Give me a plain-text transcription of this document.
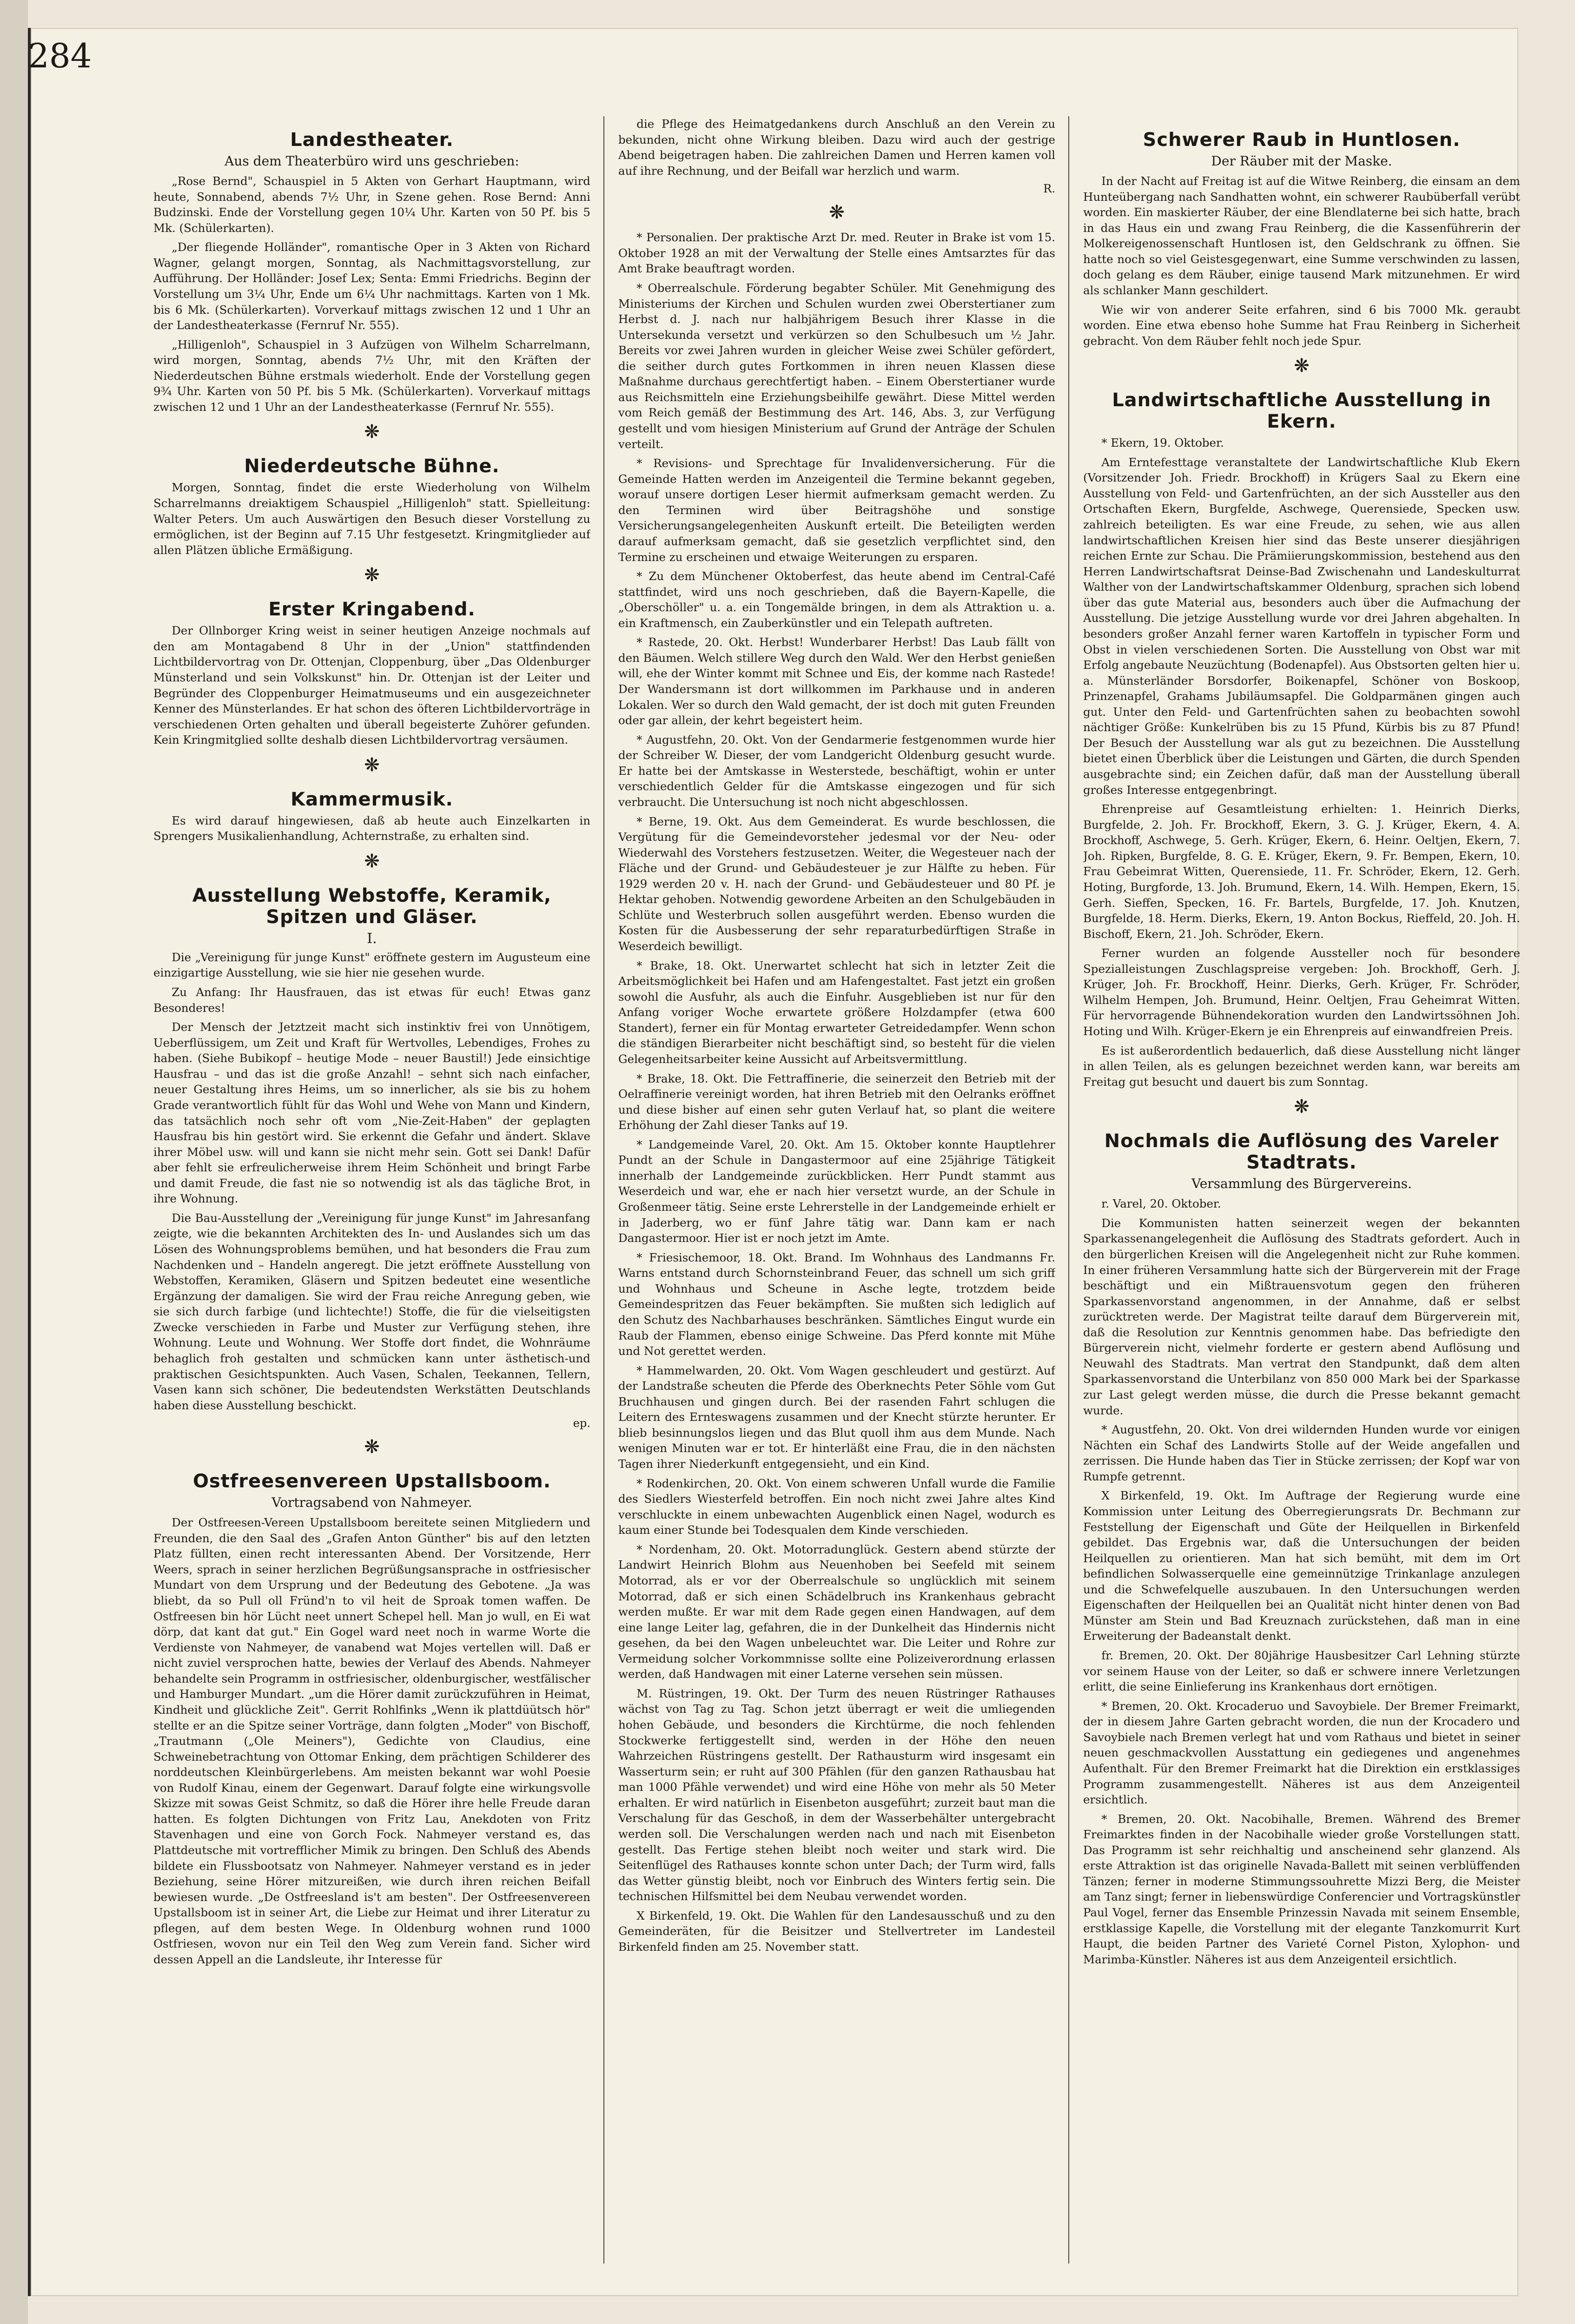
284
Landestheater.
Aus dem Theaterbüro wird uns geschrieben:

„Rose Bernd", Schauspiel in 5 Akten von Gerhart Hauptmann, wird heute, Sonnabend, abends 7½ Uhr, in Szene gehen. Rose Bernd: Anni Budzinski. Ende der Vorstellung gegen 10¼ Uhr. Karten von 50 Pf. bis 5 Mk. (Schülerkarten).

„Der fliegende Holländer", romantische Oper in 3 Akten von Richard Wagner, gelangt morgen, Sonntag, als Nachmittagsvorstellung, zur Aufführung. Der Holländer: Josef Lex; Senta: Emmi Friedrichs. Beginn der Vorstellung um 3¼ Uhr, Ende um 6¼ Uhr nachmittags. Karten von 1 Mk. bis 6 Mk. (Schülerkarten). Vorverkauf mittags zwischen 12 und 1 Uhr an der Landestheaterkasse (Fernruf Nr. 555).

„Hilligenloh", Schauspiel in 3 Aufzügen von Wilhelm Scharrelmann, wird morgen, Sonntag, abends 7½ Uhr, mit den Kräften der Niederdeutschen Bühne erstmals wiederholt. Ende der Vorstellung gegen 9¾ Uhr. Karten von 50 Pf. bis 5 Mk. (Schülerkarten). Vorverkauf mittags zwischen 12 und 1 Uhr an der Landestheaterkasse (Fernruf Nr. 555).

❋
Niederdeutsche Bühne.

Morgen, Sonntag, findet die erste Wiederholung von Wilhelm Scharrelmanns dreiaktigem Schauspiel „Hilligenloh" statt. Spielleitung: Walter Peters. Um auch Auswärtigen den Besuch dieser Vorstellung zu ermöglichen, ist der Beginn auf 7.15 Uhr festgesetzt. Kringmitglieder auf allen Plätzen übliche Ermäßigung.

❋
Erster Kringabend.

Der Ollnborger Kring weist in seiner heutigen Anzeige nochmals auf den am Montagabend 8 Uhr in der „Union" stattfindenden Lichtbildervortrag von Dr. Ottenjan, Cloppenburg, über „Das Oldenburger Münsterland und sein Volkskunst" hin. Dr. Ottenjan ist der Leiter und Begründer des Cloppenburger Heimatmuseums und ein ausgezeichneter Kenner des Münsterlandes. Er hat schon des öfteren Lichtbildervorträge in verschiedenen Orten gehalten und überall begeisterte Zuhörer gefunden. Kein Kringmitglied sollte deshalb diesen Lichtbildervortrag versäumen.

❋
Kammermusik.

Es wird darauf hingewiesen, daß ab heute auch Einzelkarten in Sprengers Musikalienhandlung, Achternstraße, zu erhalten sind.

❋
Ausstellung Webstoffe, Keramik, Spitzen und Gläser.
I.

Die „Vereinigung für junge Kunst" eröffnete gestern im Augusteum eine einzigartige Ausstellung, wie sie hier nie gesehen wurde.

Zu Anfang: Ihr Hausfrauen, das ist etwas für euch! Etwas ganz Besonderes!

Der Mensch der Jetztzeit macht sich instinktiv frei von Unnötigem, Ueberflüssigem, um Zeit und Kraft für Wertvolles, Lebendiges, Frohes zu haben. (Siehe Bubikopf – heutige Mode – neuer Baustil!) Jede einsichtige Hausfrau – und das ist die große Anzahl! – sehnt sich nach einfacher, neuer Gestaltung ihres Heims, um so innerlicher, als sie bis zu hohem Grade verantwortlich fühlt für das Wohl und Wehe von Mann und Kindern, das tatsächlich noch sehr oft vom „Nie-Zeit-Haben" der geplagten Hausfrau bis hin gestört wird. Sie erkennt die Gefahr und ändert. Sklave ihrer Möbel usw. will und kann sie nicht mehr sein. Gott sei Dank! Dafür aber fehlt sie erfreulicherweise ihrem Heim Schönheit und bringt Farbe und damit Freude, die fast nie so notwendig ist als das tägliche Brot, in ihre Wohnung.

Die Bau-Ausstellung der „Vereinigung für junge Kunst" im Jahresanfang zeigte, wie die bekannten Architekten des In- und Auslandes sich um das Lösen des Wohnungsproblems bemühen, und hat besonders die Frau zum Nachdenken und – Handeln angeregt. Die jetzt eröffnete Ausstellung von Webstoffen, Keramiken, Gläsern und Spitzen bedeutet eine wesentliche Ergänzung der damaligen. Sie wird der Frau reiche Anregung geben, wie sie sich durch farbige (und lichtechte!) Stoffe, die für die vielseitigsten Zwecke verschieden in Farbe und Muster zur Verfügung stehen, ihre Wohnung. Leute und Wohnung. Wer Stoffe dort findet, die Wohnräume behaglich froh gestalten und schmücken kann unter ästhetisch-und praktischen Gesichtspunkten. Auch Vasen, Schalen, Teekannen, Tellern, Vasen kann sich schöner, Die bedeutendsten Werkstätten Deutschlands haben diese Ausstellung beschickt.

ep.
❋
Ostfreesenvereen Upstallsboom.
Vortragsabend von Nahmeyer.

Der Ostfreesen-Vereen Upstallsboom bereitete seinen Mitgliedern und Freunden, die den Saal des „Grafen Anton Günther" bis auf den letzten Platz füllten, einen recht interessanten Abend. Der Vorsitzende, Herr Weers, sprach in seiner herzlichen Begrüßungsansprache in ostfriesischer Mundart von dem Ursprung und der Bedeutung des Gebotene. „Ja was bliebt, da so Pull oll Fründ'n to vil heit de Sproak tomen waffen. De Ostfreesen bin hör Lücht neet unnert Schepel hell. Man jo wull, en Ei wat dörp, dat kant dat gut." Ein Gogel ward neet noch in warme Worte die Verdienste von Nahmeyer, de vanabend wat Mojes vertellen will. Daß er nicht zuviel versprochen hatte, bewies der Verlauf des Abends. Nahmeyer behandelte sein Programm in ostfriesischer, oldenburgischer, westfälischer und Hamburger Mundart. „um die Hörer damit zurückzuführen in Heimat, Kindheit und glückliche Zeit". Gerrit Rohlfinks „Wenn ik plattdüütsch hör" stellte er an die Spitze seiner Vorträge, dann folgten „Moder" von Bischoff, „Trautmann („Ole Meiners"), Gedichte von Claudius, eine Schweinebetrachtung von Ottomar Enking, dem prächtigen Schilderer des norddeutschen Kleinbürgerlebens. Am meisten bekannt war wohl Poesie von Rudolf Kinau, einem der Gegenwart. Darauf folgte eine wirkungsvolle Skizze mit sowas Geist Schmitz, so daß die Hörer ihre helle Freude daran hatten. Es folgten Dichtungen von Fritz Lau, Anekdoten von Fritz Stavenhagen und eine von Gorch Fock. Nahmeyer verstand es, das Plattdeutsche mit vortrefflicher Mimik zu bringen. Den Schluß des Abends bildete ein Flussbootsatz von Nahmeyer. Nahmeyer verstand es in jeder Beziehung, seine Hörer mitzureißen, wie durch ihren reichen Beifall bewiesen wurde. „De Ostfreesland is't am besten". Der Ostfreesenvereen Upstallsboom ist in seiner Art, die Liebe zur Heimat und ihrer Literatur zu pflegen, auf dem besten Wege. In Oldenburg wohnen rund 1000 Ostfriesen, wovon nur ein Teil den Weg zum Verein fand. Sicher wird dessen Appell an die Landsleute, ihr Interesse für

die Pflege des Heimatgedankens durch Anschluß an den Verein zu bekunden, nicht ohne Wirkung bleiben. Dazu wird auch der gestrige Abend beigetragen haben. Die zahlreichen Damen und Herren kamen voll auf ihre Rechnung, und der Beifall war herzlich und warm.

R.
❋

* Personalien. Der praktische Arzt Dr. med. Reuter in Brake ist vom 15. Oktober 1928 an mit der Verwaltung der Stelle eines Amtsarztes für das Amt Brake beauftragt worden.

* Oberrealschule. Förderung begabter Schüler. Mit Genehmigung des Ministeriums der Kirchen und Schulen wurden zwei Oberstertianer zum Herbst d. J. nach nur halbjährigem Besuch ihrer Klasse in die Untersekunda versetzt und verkürzen so den Schulbesuch um ½ Jahr. Bereits vor zwei Jahren wurden in gleicher Weise zwei Schüler gefördert, die seither durch gutes Fortkommen in ihren neuen Klassen diese Maßnahme durchaus gerechtfertigt haben. – Einem Oberstertianer wurde aus Reichsmitteln eine Erziehungsbeihilfe gewährt. Diese Mittel werden vom Reich gemäß der Bestimmung des Art. 146, Abs. 3, zur Verfügung gestellt und vom hiesigen Ministerium auf Grund der Anträge der Schulen verteilt.

* Revisions- und Sprechtage für Invalidenversicherung. Für die Gemeinde Hatten werden im Anzeigenteil die Termine bekannt gegeben, worauf unsere dortigen Leser hiermit aufmerksam gemacht werden. Zu den Terminen wird über Beitragshöhe und sonstige Versicherungsangelegenheiten Auskunft erteilt. Die Beteiligten werden darauf aufmerksam gemacht, daß sie gesetzlich verpflichtet sind, den Termine zu erscheinen und etwaige Weiterungen zu ersparen.

* Zu dem Münchener Oktoberfest, das heute abend im Central-Café stattfindet, wird uns noch geschrieben, daß die Bayern-Kapelle, die „Oberschöller" u. a. ein Tongemälde bringen, in dem als Attraktion u. a. ein Kraftmensch, ein Zauberkünstler und ein Telepath auftreten.

* Rastede, 20. Okt. Herbst! Wunderbarer Herbst! Das Laub fällt von den Bäumen. Welch stillere Weg durch den Wald. Wer den Herbst genießen will, ehe der Winter kommt mit Schnee und Eis, der komme nach Rastede! Der Wandersmann ist dort willkommen im Parkhause und in anderen Lokalen. Wer so durch den Wald gemacht, der ist doch mit guten Freunden oder gar allein, der kehrt begeistert heim.

* Augustfehn, 20. Okt. Von der Gendarmerie festgenommen wurde hier der Schreiber W. Dieser, der vom Landgericht Oldenburg gesucht wurde. Er hatte bei der Amtskasse in Westerstede, beschäftigt, wohin er unter verschiedentlich Gelder für die Amtskasse eingezogen und für sich verbraucht. Die Untersuchung ist noch nicht abgeschlossen.

* Berne, 19. Okt. Aus dem Gemeinderat. Es wurde beschlossen, die Vergütung für die Gemeindevorsteher jedesmal vor der Neu- oder Wiederwahl des Vorstehers festzusetzen. Weiter, die Wegesteuer nach der Fläche und der Grund- und Gebäudesteuer je zur Hälfte zu heben. Für 1929 werden 20 v. H. nach der Grund- und Gebäudesteuer und 80 Pf. je Hektar gehoben. Notwendig gewordene Arbeiten an den Schulgebäuden in Schlüte und Westerbruch sollen ausgeführt werden. Ebenso wurden die Kosten für die Ausbesserung der sehr reparaturbedürftigen Straße in Weserdeich bewilligt.

* Brake, 18. Okt. Unerwartet schlecht hat sich in letzter Zeit die Arbeitsmöglichkeit bei Hafen und am Hafengestaltet. Fast jetzt ein großen sowohl die Ausfuhr, als auch die Einfuhr. Ausgeblieben ist nur für den Anfang voriger Woche erwartete größere Holzdampfer (etwa 600 Standert), ferner ein für Montag erwarteter Getreidedampfer. Wenn schon die ständigen Bierarbeiter nicht beschäftigt sind, so besteht für die vielen Gelegenheitsarbeiter keine Aussicht auf Arbeitsvermittlung.

* Brake, 18. Okt. Die Fettraffinerie, die seinerzeit den Betrieb mit der Oelraffinerie vereinigt worden, hat ihren Betrieb mit den Oelranks eröffnet und diese bisher auf einen sehr guten Verlauf hat, so plant die weitere Erhöhung der Zahl dieser Tanks auf 19.

* Landgemeinde Varel, 20. Okt. Am 15. Oktober konnte Hauptlehrer Pundt an der Schule in Dangastermoor auf eine 25jährige Tätigkeit innerhalb der Landgemeinde zurückblicken. Herr Pundt stammt aus Weserdeich und war, ehe er nach hier versetzt wurde, an der Schule in Großenmeer tätig. Seine erste Lehrerstelle in der Landgemeinde erhielt er in Jaderberg, wo er fünf Jahre tätig war. Dann kam er nach Dangastermoor. Hier ist er noch jetzt im Amte.

* Friesischemoor, 18. Okt. Brand. Im Wohnhaus des Landmanns Fr. Warns entstand durch Schornsteinbrand Feuer, das schnell um sich griff und Wohnhaus und Scheune in Asche legte, trotzdem beide Gemeindespritzen das Feuer bekämpften. Sie mußten sich lediglich auf den Schutz des Nachbarhauses beschränken. Sämtliches Eingut wurde ein Raub der Flammen, ebenso einige Schweine. Das Pferd konnte mit Mühe und Not gerettet werden.

* Hammelwarden, 20. Okt. Vom Wagen geschleudert und gestürzt. Auf der Landstraße scheuten die Pferde des Oberknechts Peter Söhle vom Gut Bruchhausen und gingen durch. Bei der rasenden Fahrt schlugen die Leitern des Ernteswagens zusammen und der Knecht stürzte herunter. Er blieb besinnungslos liegen und das Blut quoll ihm aus dem Munde. Nach wenigen Minuten war er tot. Er hinterläßt eine Frau, die in den nächsten Tagen ihrer Niederkunft entgegensieht, und ein Kind.

* Rodenkirchen, 20. Okt. Von einem schweren Unfall wurde die Familie des Siedlers Wiesterfeld betroffen. Ein noch nicht zwei Jahre altes Kind verschluckte in einem unbewachten Augenblick einen Nagel, wodurch es kaum einer Stunde bei Todesqualen dem Kinde verschieden.

* Nordenham, 20. Okt. Motorradunglück. Gestern abend stürzte der Landwirt Heinrich Blohm aus Neuenhoben bei Seefeld mit seinem Motorrad, als er vor der Oberrealschule so unglücklich mit seinem Motorrad, daß er sich einen Schädelbruch ins Krankenhaus gebracht werden mußte. Er war mit dem Rade gegen einen Handwagen, auf dem eine lange Leiter lag, gefahren, die in der Dunkelheit das Hindernis nicht gesehen, da bei den Wagen unbeleuchtet war. Die Leiter und Rohre zur Vermeidung solcher Vorkommnisse sollte eine Polizeiverordnung erlassen werden, daß Handwagen mit einer Laterne versehen sein müssen.

M. Rüstringen, 19. Okt. Der Turm des neuen Rüstringer Rathauses wächst von Tag zu Tag. Schon jetzt überragt er weit die umliegenden hohen Gebäude, und besonders die Kirchtürme, die noch fehlenden Stockwerke fertiggestellt sind, werden in der Höhe den neuen Wahrzeichen Rüstringens gestellt. Der Rathausturm wird insgesamt ein Wasserturm sein; er ruht auf 300 Pfählen (für den ganzen Rathausbau hat man 1000 Pfähle verwendet) und wird eine Höhe von mehr als 50 Meter erhalten. Er wird natürlich in Eisenbeton ausgeführt; zurzeit baut man die Verschalung für das Geschoß, in dem der Wasserbehälter untergebracht werden soll. Die Verschalungen werden nach und nach mit Eisenbeton gestellt. Das Fertige stehen bleibt noch weiter und stark wird. Die Seitenflügel des Rathauses konnte schon unter Dach; der Turm wird, falls das Wetter günstig bleibt, noch vor Einbruch des Winters fertig sein. Die technischen Hilfsmittel bei dem Neubau verwendet worden.

X Birkenfeld, 19. Okt. Die Wahlen für den Landesausschuß und zu den Gemeinderäten, für die Beisitzer und Stellvertreter im Landesteil Birkenfeld finden am 25. November statt.

Schwerer Raub in Huntlosen.
Der Räuber mit der Maske.

In der Nacht auf Freitag ist auf die Witwe Reinberg, die einsam an dem Hunteübergang nach Sandhatten wohnt, ein schwerer Raubüberfall verübt worden. Ein maskierter Räuber, der eine Blendlaterne bei sich hatte, brach in das Haus ein und zwang Frau Reinberg, die die Kassenführerin der Molkereigenossenschaft Huntlosen ist, den Geldschrank zu öffnen. Sie hatte noch so viel Geistesgegenwart, eine Summe verschwinden zu lassen, doch gelang es dem Räuber, einige tausend Mark mitzunehmen. Er wird als schlanker Mann geschildert.

Wie wir von anderer Seite erfahren, sind 6 bis 7000 Mk. geraubt worden. Eine etwa ebenso hohe Summe hat Frau Reinberg in Sicherheit gebracht. Von dem Räuber fehlt noch jede Spur.

❋
Landwirtschaftliche Ausstellung in Ekern.

* Ekern, 19. Oktober.

Am Erntefesttage veranstaltete der Landwirtschaftliche Klub Ekern (Vorsitzender Joh. Friedr. Brockhoff) in Krügers Saal zu Ekern eine Ausstellung von Feld- und Gartenfrüchten, an der sich Aussteller aus den Ortschaften Ekern, Burgfelde, Aschwege, Querensiede, Specken usw. zahlreich beteiligten. Es war eine Freude, zu sehen, wie aus allen landwirtschaftlichen Kreisen hier sind das Beste unserer diesjährigen reichen Ernte zur Schau. Die Prämiierungskommission, bestehend aus den Herren Landwirtschaftsrat Deinse-Bad Zwischenahn und Landeskulturrat Walther von der Landwirtschaftskammer Oldenburg, sprachen sich lobend über das gute Material aus, besonders auch über die Aufmachung der Ausstellung. Die jetzige Ausstellung wurde vor drei Jahren abgehalten. In besonders großer Anzahl ferner waren Kartoffeln in typischer Form und Obst in vielen verschiedenen Sorten. Die Ausstellung von Obst war mit Erfolg angebaute Neuzüchtung (Bodenapfel). Aus Obstsorten gelten hier u. a. Münsterländer Borsdorfer, Boikenapfel, Schöner von Boskoop, Prinzenapfel, Grahams Jubiläumsapfel. Die Goldparmänen gingen auch gut. Unter den Feld- und Gartenfrüchten sahen zu beobachten sowohl nächtiger Größe: Kunkelrüben bis zu 15 Pfund, Kürbis bis zu 87 Pfund! Der Besuch der Ausstellung war als gut zu bezeichnen. Die Ausstellung bietet einen Überblick über die Leistungen und Gärten, die durch Spenden ausgebrachte sind; ein Zeichen dafür, daß man der Ausstellung überall großes Interesse entgegenbringt.

Ehrenpreise auf Gesamtleistung erhielten: 1. Heinrich Dierks, Burgfelde, 2. Joh. Fr. Brockhoff, Ekern, 3. G. J. Krüger, Ekern, 4. A. Brockhoff, Aschwege, 5. Gerh. Krüger, Ekern, 6. Heinr. Oeltjen, Ekern, 7. Joh. Ripken, Burgfelde, 8. G. E. Krüger, Ekern, 9. Fr. Bempen, Ekern, 10. Frau Gebeimrat Witten, Querensiede, 11. Fr. Schröder, Ekern, 12. Gerh. Hoting, Burgforde, 13. Joh. Brumund, Ekern, 14. Wilh. Hempen, Ekern, 15. Gerh. Sieffen, Specken, 16. Fr. Bartels, Burgfelde, 17. Joh. Knutzen, Burgfelde, 18. Herm. Dierks, Ekern, 19. Anton Bockus, Rieffeld, 20. Joh. H. Bischoff, Ekern, 21. Joh. Schröder, Ekern.

Ferner wurden an folgende Aussteller noch für besondere Spezialleistungen Zuschlagspreise vergeben: Joh. Brockhoff, Gerh. J. Krüger, Joh. Fr. Brockhoff, Heinr. Dierks, Gerh. Krüger, Fr. Schröder, Wilhelm Hempen, Joh. Brumund, Heinr. Oeltjen, Frau Geheimrat Witten. Für hervorragende Bühnendekoration wurden den Landwirtssöhnen Joh. Hoting und Wilh. Krüger-Ekern je ein Ehrenpreis auf einwandfreien Preis.

Es ist außerordentlich bedauerlich, daß diese Ausstellung nicht länger in allen Teilen, als es gelungen bezeichnet werden kann, war bereits am Freitag gut besucht und dauert bis zum Sonntag.

❋
Nochmals die Auflösung des Vareler Stadtrats.
Versammlung des Bürgervereins.

r. Varel, 20. Oktober.

Die Kommunisten hatten seinerzeit wegen der bekannten Sparkassenangelegenheit die Auflösung des Stadtrats gefordert. Auch in den bürgerlichen Kreisen will die Angelegenheit nicht zur Ruhe kommen. In einer früheren Versammlung hatte sich der Bürgerverein mit der Frage beschäftigt und ein Mißtrauensvotum gegen den früheren Sparkassenvorstand angenommen, in der Annahme, daß er selbst zurücktreten werde. Der Magistrat teilte darauf dem Bürgerverein mit, daß die Resolution zur Kenntnis genommen habe. Das befriedigte den Bürgerverein nicht, vielmehr forderte er gestern abend Auflösung und Neuwahl des Stadtrats. Man vertrat den Standpunkt, daß dem alten Sparkassenvorstand die Unterbilanz von 850 000 Mark bei der Sparkasse zur Last gelegt werden müsse, die durch die Presse bekannt gemacht wurde.

* Augustfehn, 20. Okt. Von drei wildernden Hunden wurde vor einigen Nächten ein Schaf des Landwirts Stolle auf der Weide angefallen und zerrissen. Die Hunde haben das Tier in Stücke zerrissen; der Kopf war von Rumpfe getrennt.

X Birkenfeld, 19. Okt. Im Auftrage der Regierung wurde eine Kommission unter Leitung des Oberregierungsrats Dr. Bechmann zur Feststellung der Eigenschaft und Güte der Heilquellen in Birkenfeld gebildet. Das Ergebnis war, daß die Untersuchungen der beiden Heilquellen zu orientieren. Man hat sich bemüht, mit dem im Ort befindlichen Solwasserquelle eine gemeinnützige Trinkanlage anzulegen und die Schwefelquelle auszubauen. In den Untersuchungen werden Eigenschaften der Heilquellen bei an Qualität nicht hinter denen von Bad Münster am Stein und Bad Kreuznach zurückstehen, daß man in eine Erweiterung der Badeanstalt denkt.

fr. Bremen, 20. Okt. Der 80jährige Hausbesitzer Carl Lehning stürzte vor seinem Hause von der Leiter, so daß er schwere innere Verletzungen erlitt, die seine Einlieferung ins Krankenhaus dort ernötigen.

* Bremen, 20. Okt. Krocaderuo und Savoybiele. Der Bremer Freimarkt, der in diesem Jahre Garten gebracht worden, die nun der Krocadero und Savoybiele nach Bremen verlegt hat und vom Rathaus und bietet in seiner neuen geschmackvollen Ausstattung ein gediegenes und angenehmes Aufenthalt. Für den Bremer Freimarkt hat die Direktion ein erstklassiges Programm zusammengestellt. Näheres ist aus dem Anzeigenteil ersichtlich.

* Bremen, 20. Okt. Nacobihalle, Bremen. Während des Bremer Freimarktes finden in der Nacobihalle wieder große Vorstellungen statt. Das Programm ist sehr reichhaltig und anscheinend sehr glanzend. Als erste Attraktion ist das originelle Navada-Ballett mit seinen verblüffenden Tänzen; ferner in moderne Stimmungssouhrette Mizzi Berg, die Meister am Tanz singt; ferner in liebenswürdige Conferencier und Vortragskünstler Paul Vogel, ferner das Ensemble Prinzessin Navada mit seinem Ensemble, erstklassige Kapelle, die Vorstellung mit der elegante Tanzkomurrit Kurt Haupt, die beiden Partner des Varieté Cornel Piston, Xylophon- und Marimba-Künstler. Näheres ist aus dem Anzeigenteil ersichtlich.
